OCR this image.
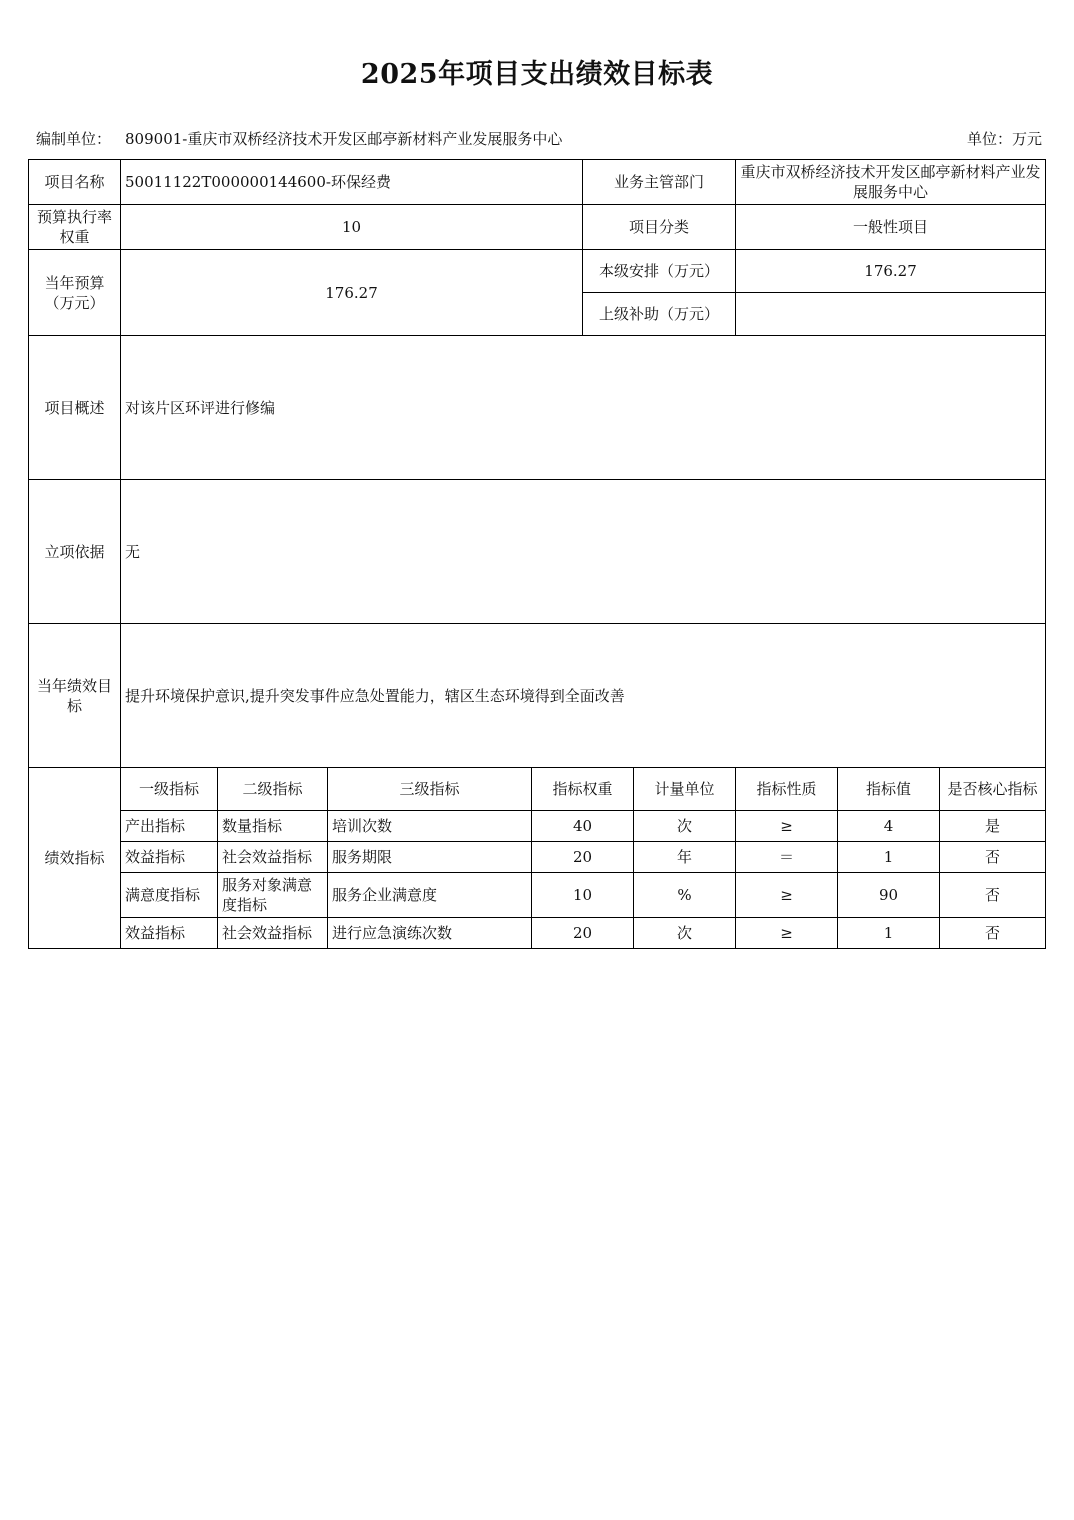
2025年项目支出绩效目标表
编制单位： 809001-重庆市双桥经济技术开发区邮亭新材料产业发展服务中心	单位：万元
项目名称	50011122T000000144600-环保经费				业务主管部门		重庆市双桥经济技术开发区邮亭新材料产业发展服务中心		
预算执行率权重	10				项目分类		一般性项目		
当年预算（万元）	176.27				本级安排（万元）		176.27		
					上级补助（万元）				
项目概述	对该片区环评进行修编								
立项依据	无								
当年绩效目标	提升环境保护意识,提升突发事件应急处置能力，辖区生态环境得到全面改善								
绩效指标	一级指标	二级指标	三级指标	指标权重		计量单位	指标性质	指标值	是否核心指标
	产出指标	数量指标	培训次数	40		次	≥	4	是
	效益指标	社会效益指标	服务期限	20		年	＝	1	否
	满意度指标	服务对象满意度指标	服务企业满意度	10		%	≥	90	否
	效益指标	社会效益指标	进行应急演练次数	20		次	≥	1	否
